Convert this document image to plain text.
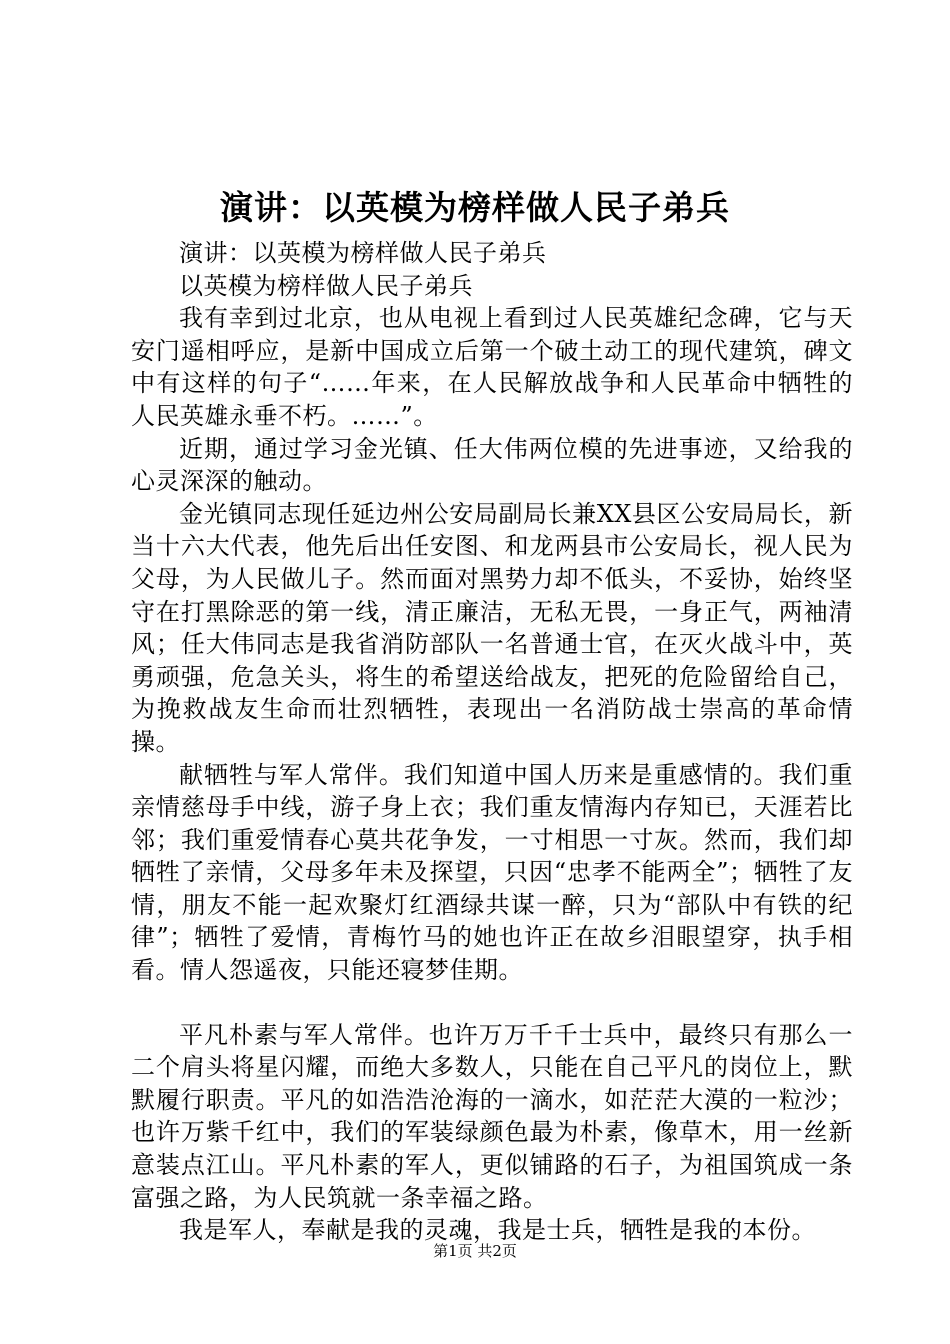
演讲：以英模为榜样做人民子弟兵

演讲：以英模为榜样做人民子弟兵

以英模为榜样做人民子弟兵

我有幸到过北京，也从电视上看到过人民英雄纪念碑，它与天安门遥相呼应，是新中国成立后第一个破土动工的现代建筑，碑文中有这样的句子“……年来，在人民解放战争和人民革命中牺牲的人民英雄永垂不朽。……”。

近期，通过学习金光镇、任大伟两位模的先进事迹，又给我的心灵深深的触动。

金光镇同志现任延边州公安局副局长兼XX县区公安局局长，新当十六大代表，他先后出任安图、和龙两县市公安局长，视人民为父母，为人民做儿子。然而面对黑势力却不低头，不妥协，始终坚守在打黑除恶的第一线，清正廉洁，无私无畏，一身正气，两袖清风；任大伟同志是我省消防部队一名普通士官，在灭火战斗中，英勇顽强，危急关头，将生的希望送给战友，把死的危险留给自己，为挽救战友生命而壮烈牺牲，表现出一名消防战士崇高的革命情操。

献牺牲与军人常伴。我们知道中国人历来是重感情的。我们重亲情慈母手中线，游子身上衣；我们重友情海内存知已，天涯若比邻；我们重爱情春心莫共花争发，一寸相思一寸灰。然而，我们却牺牲了亲情，父母多年未及探望，只因“忠孝不能两全”；牺牲了友情，朋友不能一起欢聚灯红酒绿共谋一醉，只为“部队中有铁的纪律”；牺牲了爱情，青梅竹马的她也许正在故乡泪眼望穿，执手相看。情人怨遥夜，只能还寝梦佳期。

平凡朴素与军人常伴。也许万万千千士兵中，最终只有那么一二个肩头将星闪耀，而绝大多数人，只能在自己平凡的岗位上，默默履行职责。平凡的如浩浩沧海的一滴水，如茫茫大漠的一粒沙；也许万紫千红中，我们的军装绿颜色最为朴素，像草木，用一丝新意装点江山。平凡朴素的军人，更似铺路的石子，为祖国筑成一条富强之路，为人民筑就一条幸福之路。

我是军人，奉献是我的灵魂，我是士兵，牺牲是我的本份。

第1页 共2页
